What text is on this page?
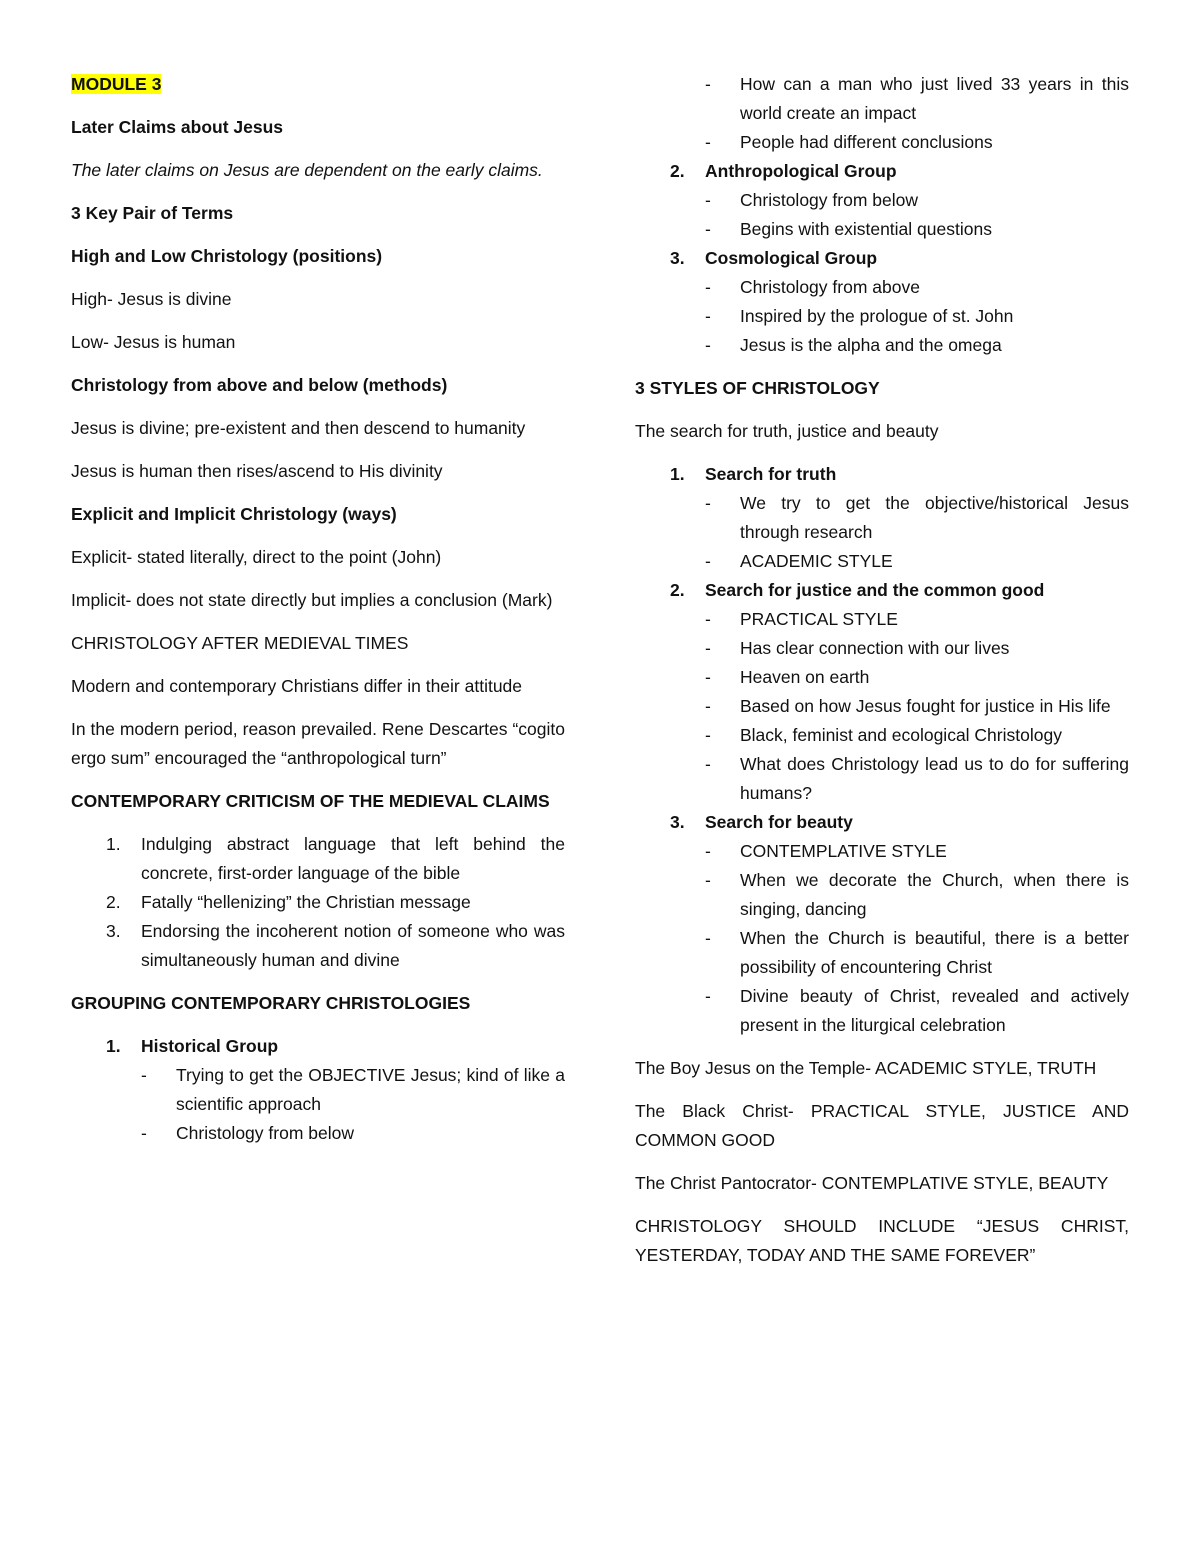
MODULE 3

Later Claims about Jesus

The later claims on Jesus are dependent on the early claims.

3 Key Pair of Terms

High and Low Christology (positions)

High- Jesus is divine

Low- Jesus is human

Christology from above and below (methods)

Jesus is divine; pre-existent and then descend to humanity

Jesus is human then rises/ascend to His divinity

Explicit and Implicit Christology (ways)

Explicit- stated literally, direct to the point (John)

Implicit- does not state directly but implies a conclusion (Mark)

CHRISTOLOGY AFTER MEDIEVAL TIMES

Modern and contemporary Christians differ in their attitude

In the modern period, reason prevailed. Rene Descartes “cogito ergo sum” encouraged the “anthropological turn”

CONTEMPORARY CRITICISM OF THE MEDIEVAL CLAIMS

1. Indulging abstract language that left behind the concrete, first-order language of the bible
2. Fatally “hellenizing” the Christian message
3. Endorsing the incoherent notion of someone who was simultaneously human and divine

GROUPING CONTEMPORARY CHRISTOLOGIES

1. Historical Group
- Trying to get the OBJECTIVE Jesus; kind of like a scientific approach
- Christology from below
- How can a man who just lived 33 years in this world create an impact
- People had different conclusions
2. Anthropological Group
- Christology from below
- Begins with existential questions
3. Cosmological Group
- Christology from above
- Inspired by the prologue of st. John
- Jesus is the alpha and the omega

3 STYLES OF CHRISTOLOGY

The search for truth, justice and beauty

1. Search for truth
- We try to get the objective/historical Jesus through research
- ACADEMIC STYLE
2. Search for justice and the common good
- PRACTICAL STYLE
- Has clear connection with our lives
- Heaven on earth
- Based on how Jesus fought for justice in His life
- Black, feminist and ecological Christology
- What does Christology lead us to do for suffering humans?
3. Search for beauty
- CONTEMPLATIVE STYLE
- When we decorate the Church, when there is singing, dancing
- When the Church is beautiful, there is a better possibility of encountering Christ
- Divine beauty of Christ, revealed and actively present in the liturgical celebration

The Boy Jesus on the Temple- ACADEMIC STYLE, TRUTH

The Black Christ- PRACTICAL STYLE, JUSTICE AND COMMON GOOD

The Christ Pantocrator- CONTEMPLATIVE STYLE, BEAUTY

CHRISTOLOGY SHOULD INCLUDE “JESUS CHRIST, YESTERDAY, TODAY AND THE SAME FOREVER”
